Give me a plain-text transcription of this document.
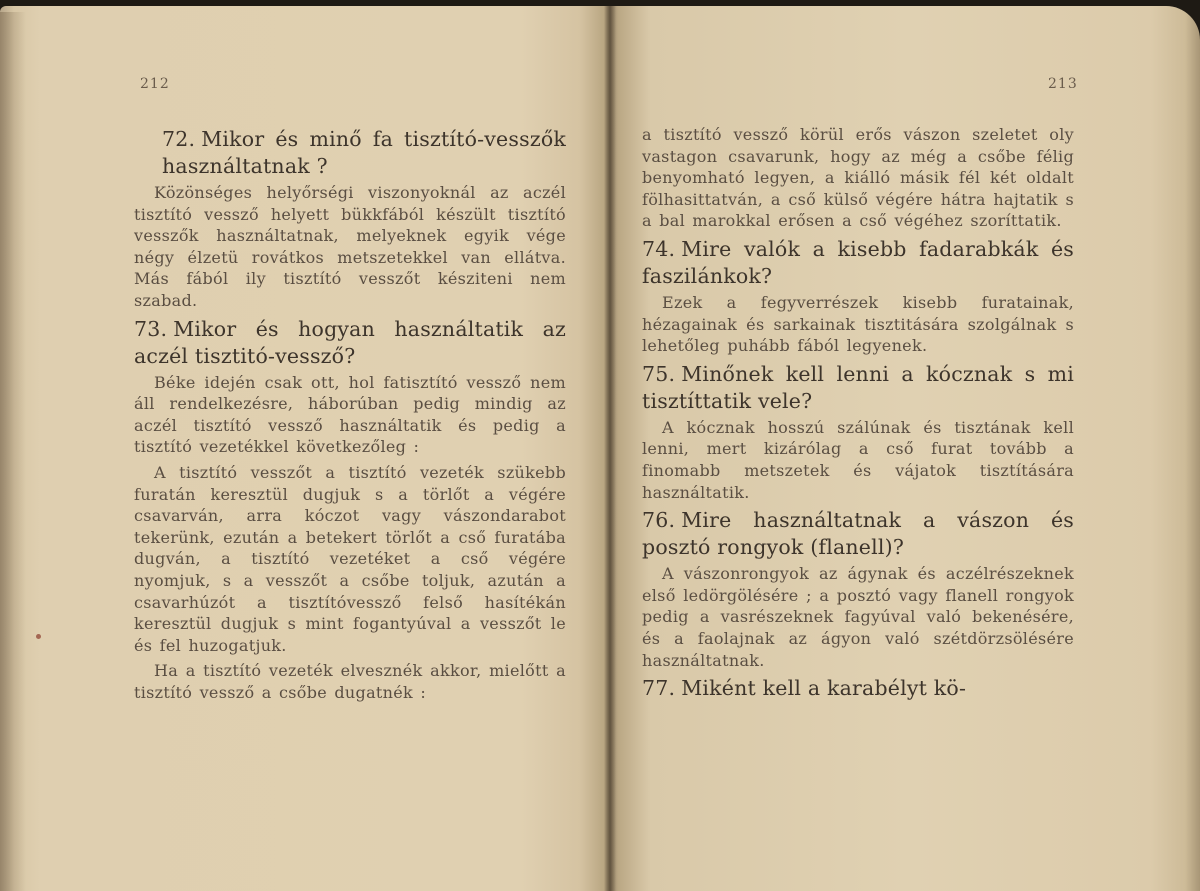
212	213
72. Mikor és minő fa tisztító-vesszők használtatnak ?
Közönséges helyőrségi viszonyoknál az aczél tisztító vessző helyett bükkfából készült tisztító vesszők használtatnak, melyeknek egyik vége négy élzetü rovátkos metszetekkel van ellátva. Más fából ily tisztító vesszőt késziteni nem szabad.
73. Mikor és hogyan használtatik az aczél tisztitó-vessző?
Béke idején csak ott, hol fatisztító vessző nem áll rendelkezésre, háborúban pedig mindig az aczél tisztító vessző használtatik és pedig a tisztító vezetékkel következőleg :
A tisztító vesszőt a tisztító vezeték szükebb furatán keresztül dugjuk s a törlőt a végére csavarván, arra kóczot vagy vászondarabot tekerünk, ezután a betekert törlőt a cső furatába dugván, a tisztító vezetéket a cső végére nyomjuk, s a vesszőt a csőbe toljuk, azután a csavarhúzót a tisztítóvessző felső hasítékán keresztül dugjuk s mint fogantyúval a vesszőt le és fel huzogatjuk.
Ha a tisztító vezeték elvesznék akkor, mielőtt a tisztító vessző a csőbe dugatnék :
a tisztító vessző körül erős vászon szeletet oly vastagon csavarunk, hogy az még a csőbe félig benyomható legyen, a kiálló másik fél két oldalt fölhasittatván, a cső külső végére hátra hajtatik s a bal marokkal erősen a cső végéhez szoríttatik.
74. Mire valók a kisebb fadarabkák és faszilánkok?
Ezek a fegyverrészek kisebb furatainak, hézagainak és sarkainak tisztitására szolgálnak s lehetőleg puhább fából legyenek.
75. Minőnek kell lenni a kócznak s mi tisztíttatik vele?
A kócznak hosszú szálúnak és tisztának kell lenni, mert kizárólag a cső furat tovább a finomabb metszetek és vájatok tisztítására használtatik.
76. Mire használtatnak a vászon és posztó rongyok (flanell)?
A vászonrongyok az ágynak és aczélrészeknek első ledörgölésére ; a posztó vagy flanell rongyok pedig a vasrészeknek fagyúval való bekenésére, és a faolajnak az ágyon való szétdörzsölésére használtatnak.
77. Miként kell a karabélyt kö-
